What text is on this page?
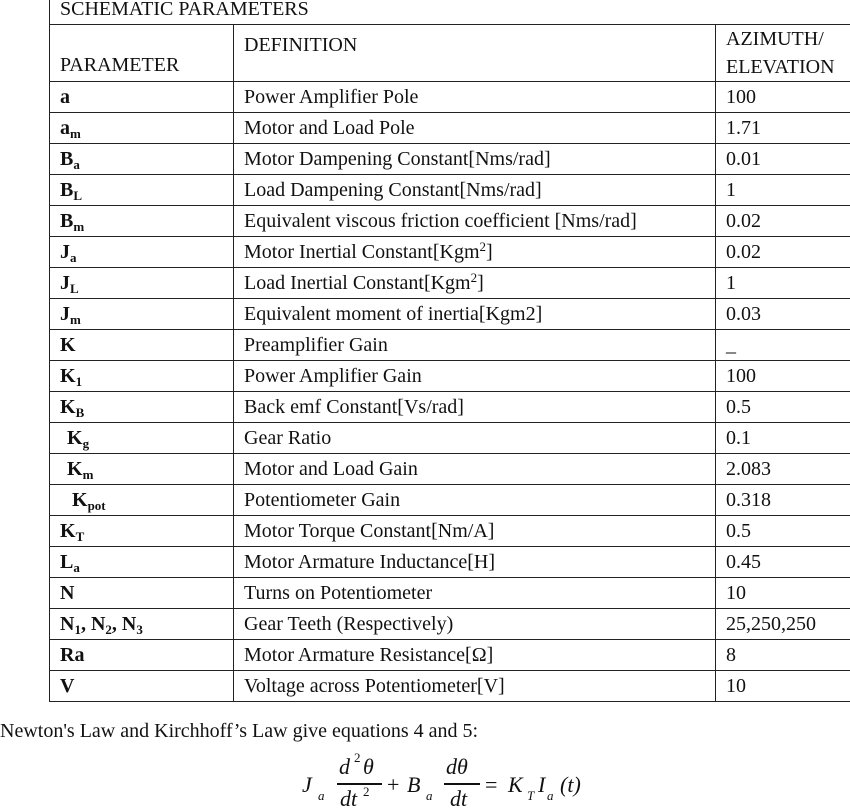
SCHEMATIC PARAMETERS		
PARAMETER	DEFINITION	AZIMUTH/
ELEVATION

a	Power Amplifier Pole	100
$a_m$	Motor and Load Pole	1.71
$B_a$	Motor Dampening Constant[Nms/rad]	0.01
$B_L$	Load Dampening Constant[Nms/rad]	1
$B_m$	Equivalent viscous friction coefficient [Nms/rad]	0.02
$J_a$	Motor Inertial Constant[Kgm$^2$]	0.02
$J_L$	Load Inertial Constant[Kgm$^2$]	1
$J_m$	Equivalent moment of inertia[Kgm2]	0.03
K	Preamplifier Gain	_
$K_1$	Power Amplifier Gain	100
$K_B$	Back emf Constant[Vs/rad]	0.5
$K_g$	Gear Ratio	0.1
$K_m$	Motor and Load Gain	2.083
$K_{pot}$	Potentiometer Gain	0.318
$K_T$	Motor Torque Constant[Nm/A]	0.5
$L_a$	Motor Armature Inductance[H]	0.45
N	Turns on Potentiometer	10
$N_1$, $N_2$, $N_3$	Gear Teeth (Respectively)	25,250,250
Ra	Motor Armature Resistance[Ω]	8
V	Voltage across Potentiometer[V]	10
Newton's Law and Kirchhoff’s Law give equations 4 and 5:
J a
d 2 θ
dt 2 + B a
dθ
dt
= K T I a (t)
